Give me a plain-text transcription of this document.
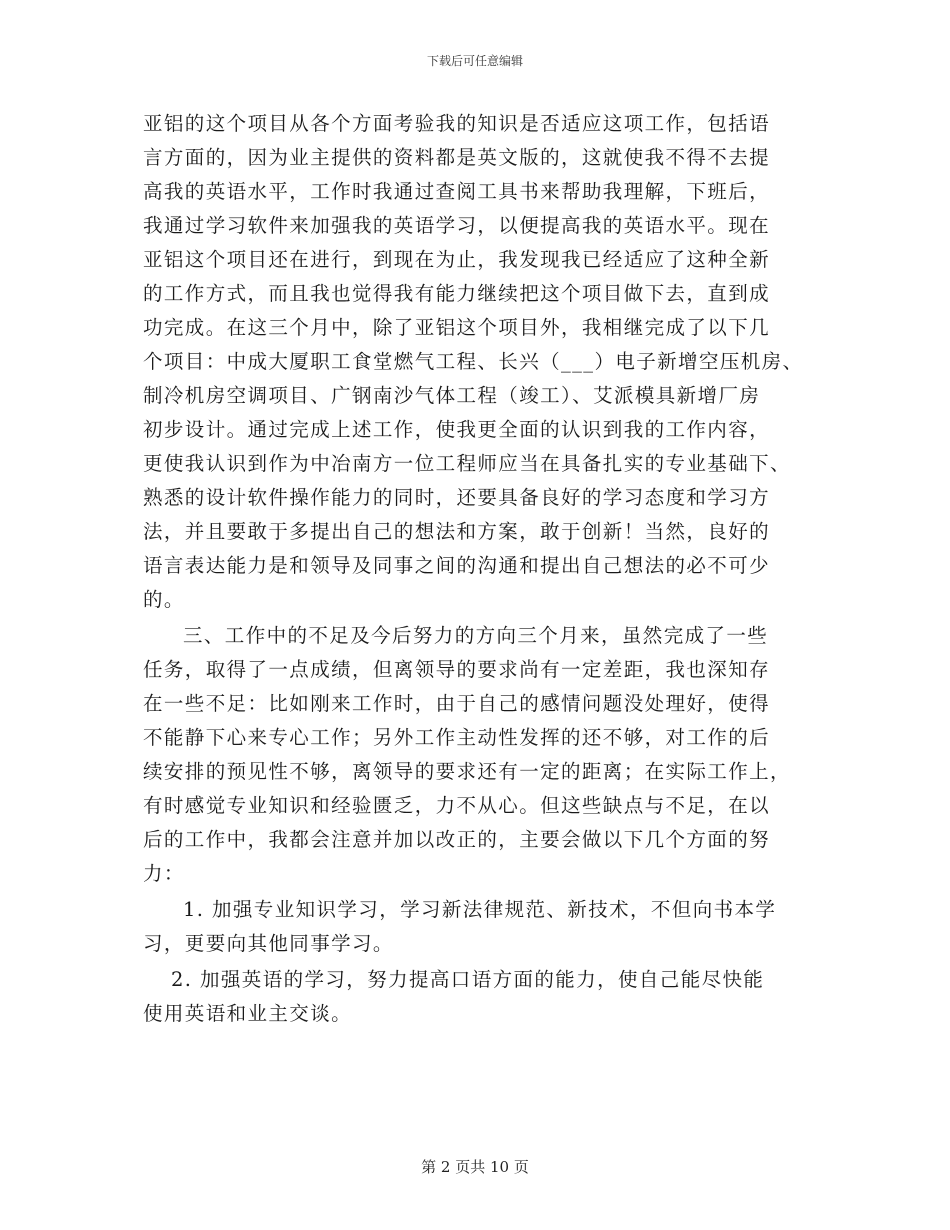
下载后可任意编辑
亚铝的这个项目从各个方面考验我的知识是否适应这项工作，包括语
言方面的，因为业主提供的资料都是英文版的，这就使我不得不去提
高我的英语水平，工作时我通过查阅工具书来帮助我理解，下班后，
我通过学习软件来加强我的英语学习，以便提高我的英语水平。现在
亚铝这个项目还在进行，到现在为止，我发现我已经适应了这种全新
的工作方式，而且我也觉得我有能力继续把这个项目做下去，直到成
功完成。在这三个月中，除了亚铝这个项目外，我相继完成了以下几
个项目：中成大厦职工食堂燃气工程、长兴（___）电子新增空压机房、
制冷机房空调项目、广钢南沙气体工程（竣工）、艾派模具新增厂房
初步设计。通过完成上述工作，使我更全面的认识到我的工作内容，
更使我认识到作为中冶南方一位工程师应当在具备扎实的专业基础下、
熟悉的设计软件操作能力的同时，还要具备良好的学习态度和学习方
法，并且要敢于多提出自己的想法和方案，敢于创新！当然，良好的
语言表达能力是和领导及同事之间的沟通和提出自己想法的必不可少
的。
三、工作中的不足及今后努力的方向三个月来，虽然完成了一些
任务，取得了一点成绩，但离领导的要求尚有一定差距，我也深知存
在一些不足：比如刚来工作时，由于自己的感情问题没处理好，使得
不能静下心来专心工作；另外工作主动性发挥的还不够，对工作的后
续安排的预见性不够，离领导的要求还有一定的距离；在实际工作上，
有时感觉专业知识和经验匮乏，力不从心。但这些缺点与不足，在以
后的工作中，我都会注意并加以改正的，主要会做以下几个方面的努
力：
1. 加强专业知识学习，学习新法律规范、新技术，不但向书本学
习，更要向其他同事学习。
2. 加强英语的学习，努力提高口语方面的能力，使自己能尽快能
使用英语和业主交谈。
第 2 页共 10 页
